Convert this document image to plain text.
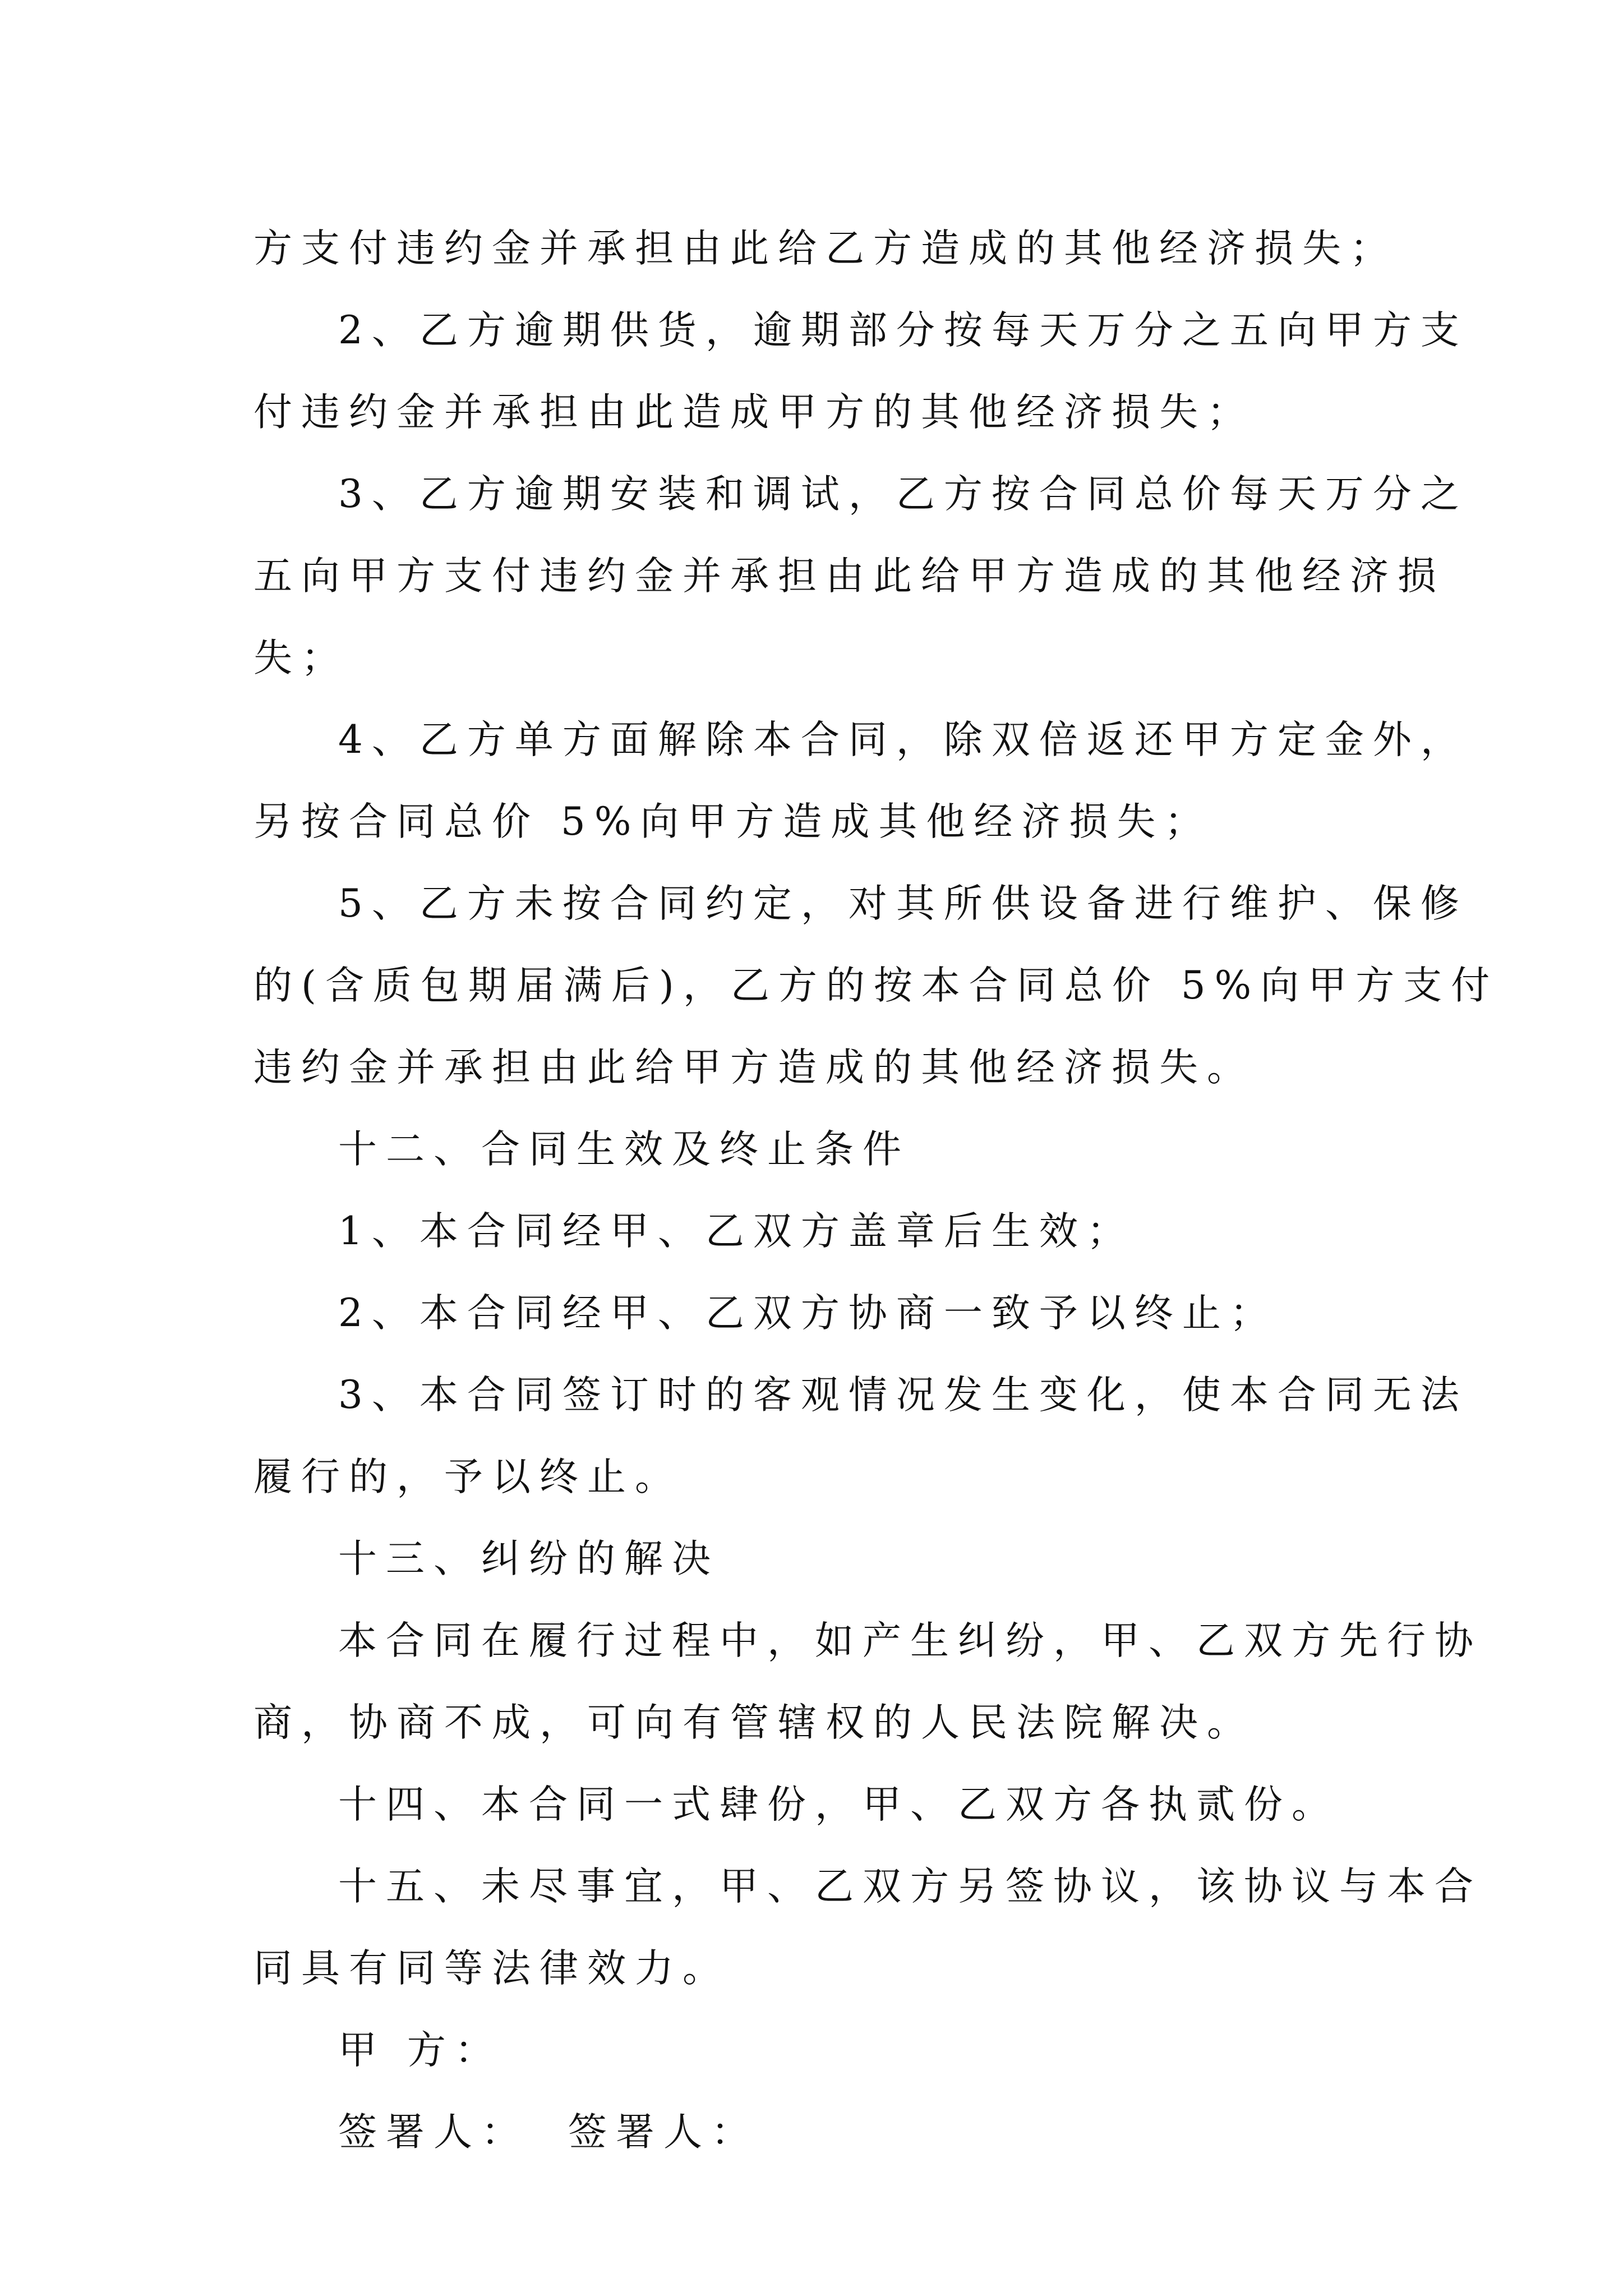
方支付违约金并承担由此给乙方造成的其他经济损失；
2、乙方逾期供货，逾期部分按每天万分之五向甲方支
付违约金并承担由此造成甲方的其他经济损失；
3、乙方逾期安装和调试，乙方按合同总价每天万分之
五向甲方支付违约金并承担由此给甲方造成的其他经济损
失；
4、乙方单方面解除本合同，除双倍返还甲方定金外，
另按合同总价 5%向甲方造成其他经济损失；
5、乙方未按合同约定，对其所供设备进行维护、保修
的(含质包期届满后)，乙方的按本合同总价 5%向甲方支付
违约金并承担由此给甲方造成的其他经济损失。
十二、合同生效及终止条件
1、本合同经甲、乙双方盖章后生效；
2、本合同经甲、乙双方协商一致予以终止；
3、本合同签订时的客观情况发生变化，使本合同无法
履行的，予以终止。
十三、纠纷的解决
本合同在履行过程中，如产生纠纷，甲、乙双方先行协
商，协商不成，可向有管辖权的人民法院解决。
十四、本合同一式肆份，甲、乙双方各执贰份。
十五、未尽事宜，甲、乙双方另签协议，该协议与本合
同具有同等法律效力。
甲 方：
签署人： 签署人：
